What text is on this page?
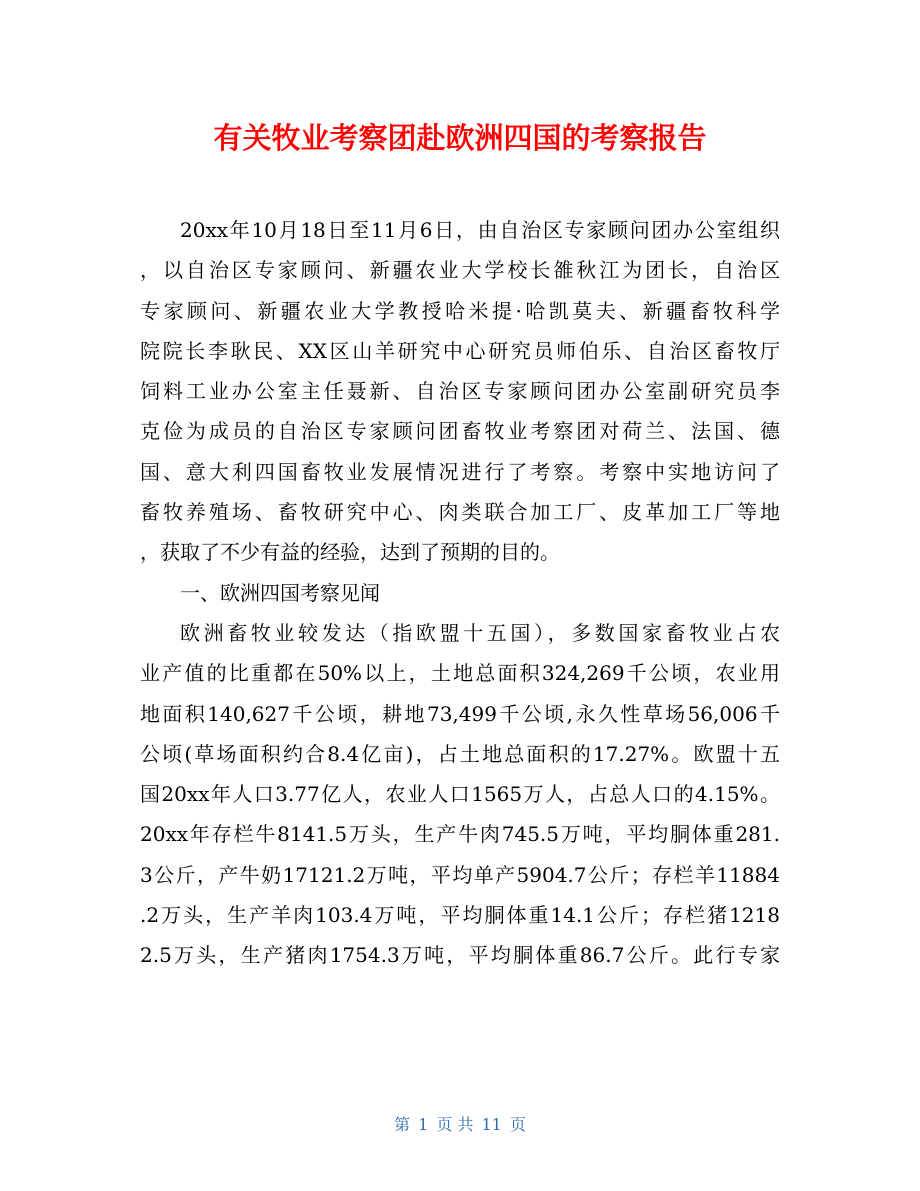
有关牧业考察团赴欧洲四国的考察报告
20xx年10月18日至11月6日，由自治区专家顾问团办公室组织
，以自治区专家顾问、新疆农业大学校长雒秋江为团长，自治区
专家顾问、新疆农业大学教授哈米提·哈凯莫夫、新疆畜牧科学
院院长李耿民、XX区山羊研究中心研究员师伯乐、自治区畜牧厅
饲料工业办公室主任聂新、自治区专家顾问团办公室副研究员李
克俭为成员的自治区专家顾问团畜牧业考察团对荷兰、法国、德
国、意大利四国畜牧业发展情况进行了考察。考察中实地访问了
畜牧养殖场、畜牧研究中心、肉类联合加工厂、皮革加工厂等地
，获取了不少有益的经验，达到了预期的目的。
一、欧洲四国考察见闻
欧洲畜牧业较发达（指欧盟十五国），多数国家畜牧业占农
业产值的比重都在50%以上，土地总面积324,269千公顷，农业用
地面积140,627千公顷，耕地73,499千公顷,永久性草场56,006千
公顷(草场面积约合8.4亿亩)，占土地总面积的17.27%。欧盟十五
国20xx年人口3.77亿人，农业人口1565万人，占总人口的4.15%。
20xx年存栏牛8141.5万头，生产牛肉745.5万吨，平均胴体重281.
3公斤，产牛奶17121.2万吨，平均单产5904.7公斤；存栏羊11884
.2万头，生产羊肉103.4万吨，平均胴体重14.1公斤；存栏猪1218
2.5万头，生产猪肉1754.3万吨，平均胴体重86.7公斤。此行专家
第 1 页 共 11 页
